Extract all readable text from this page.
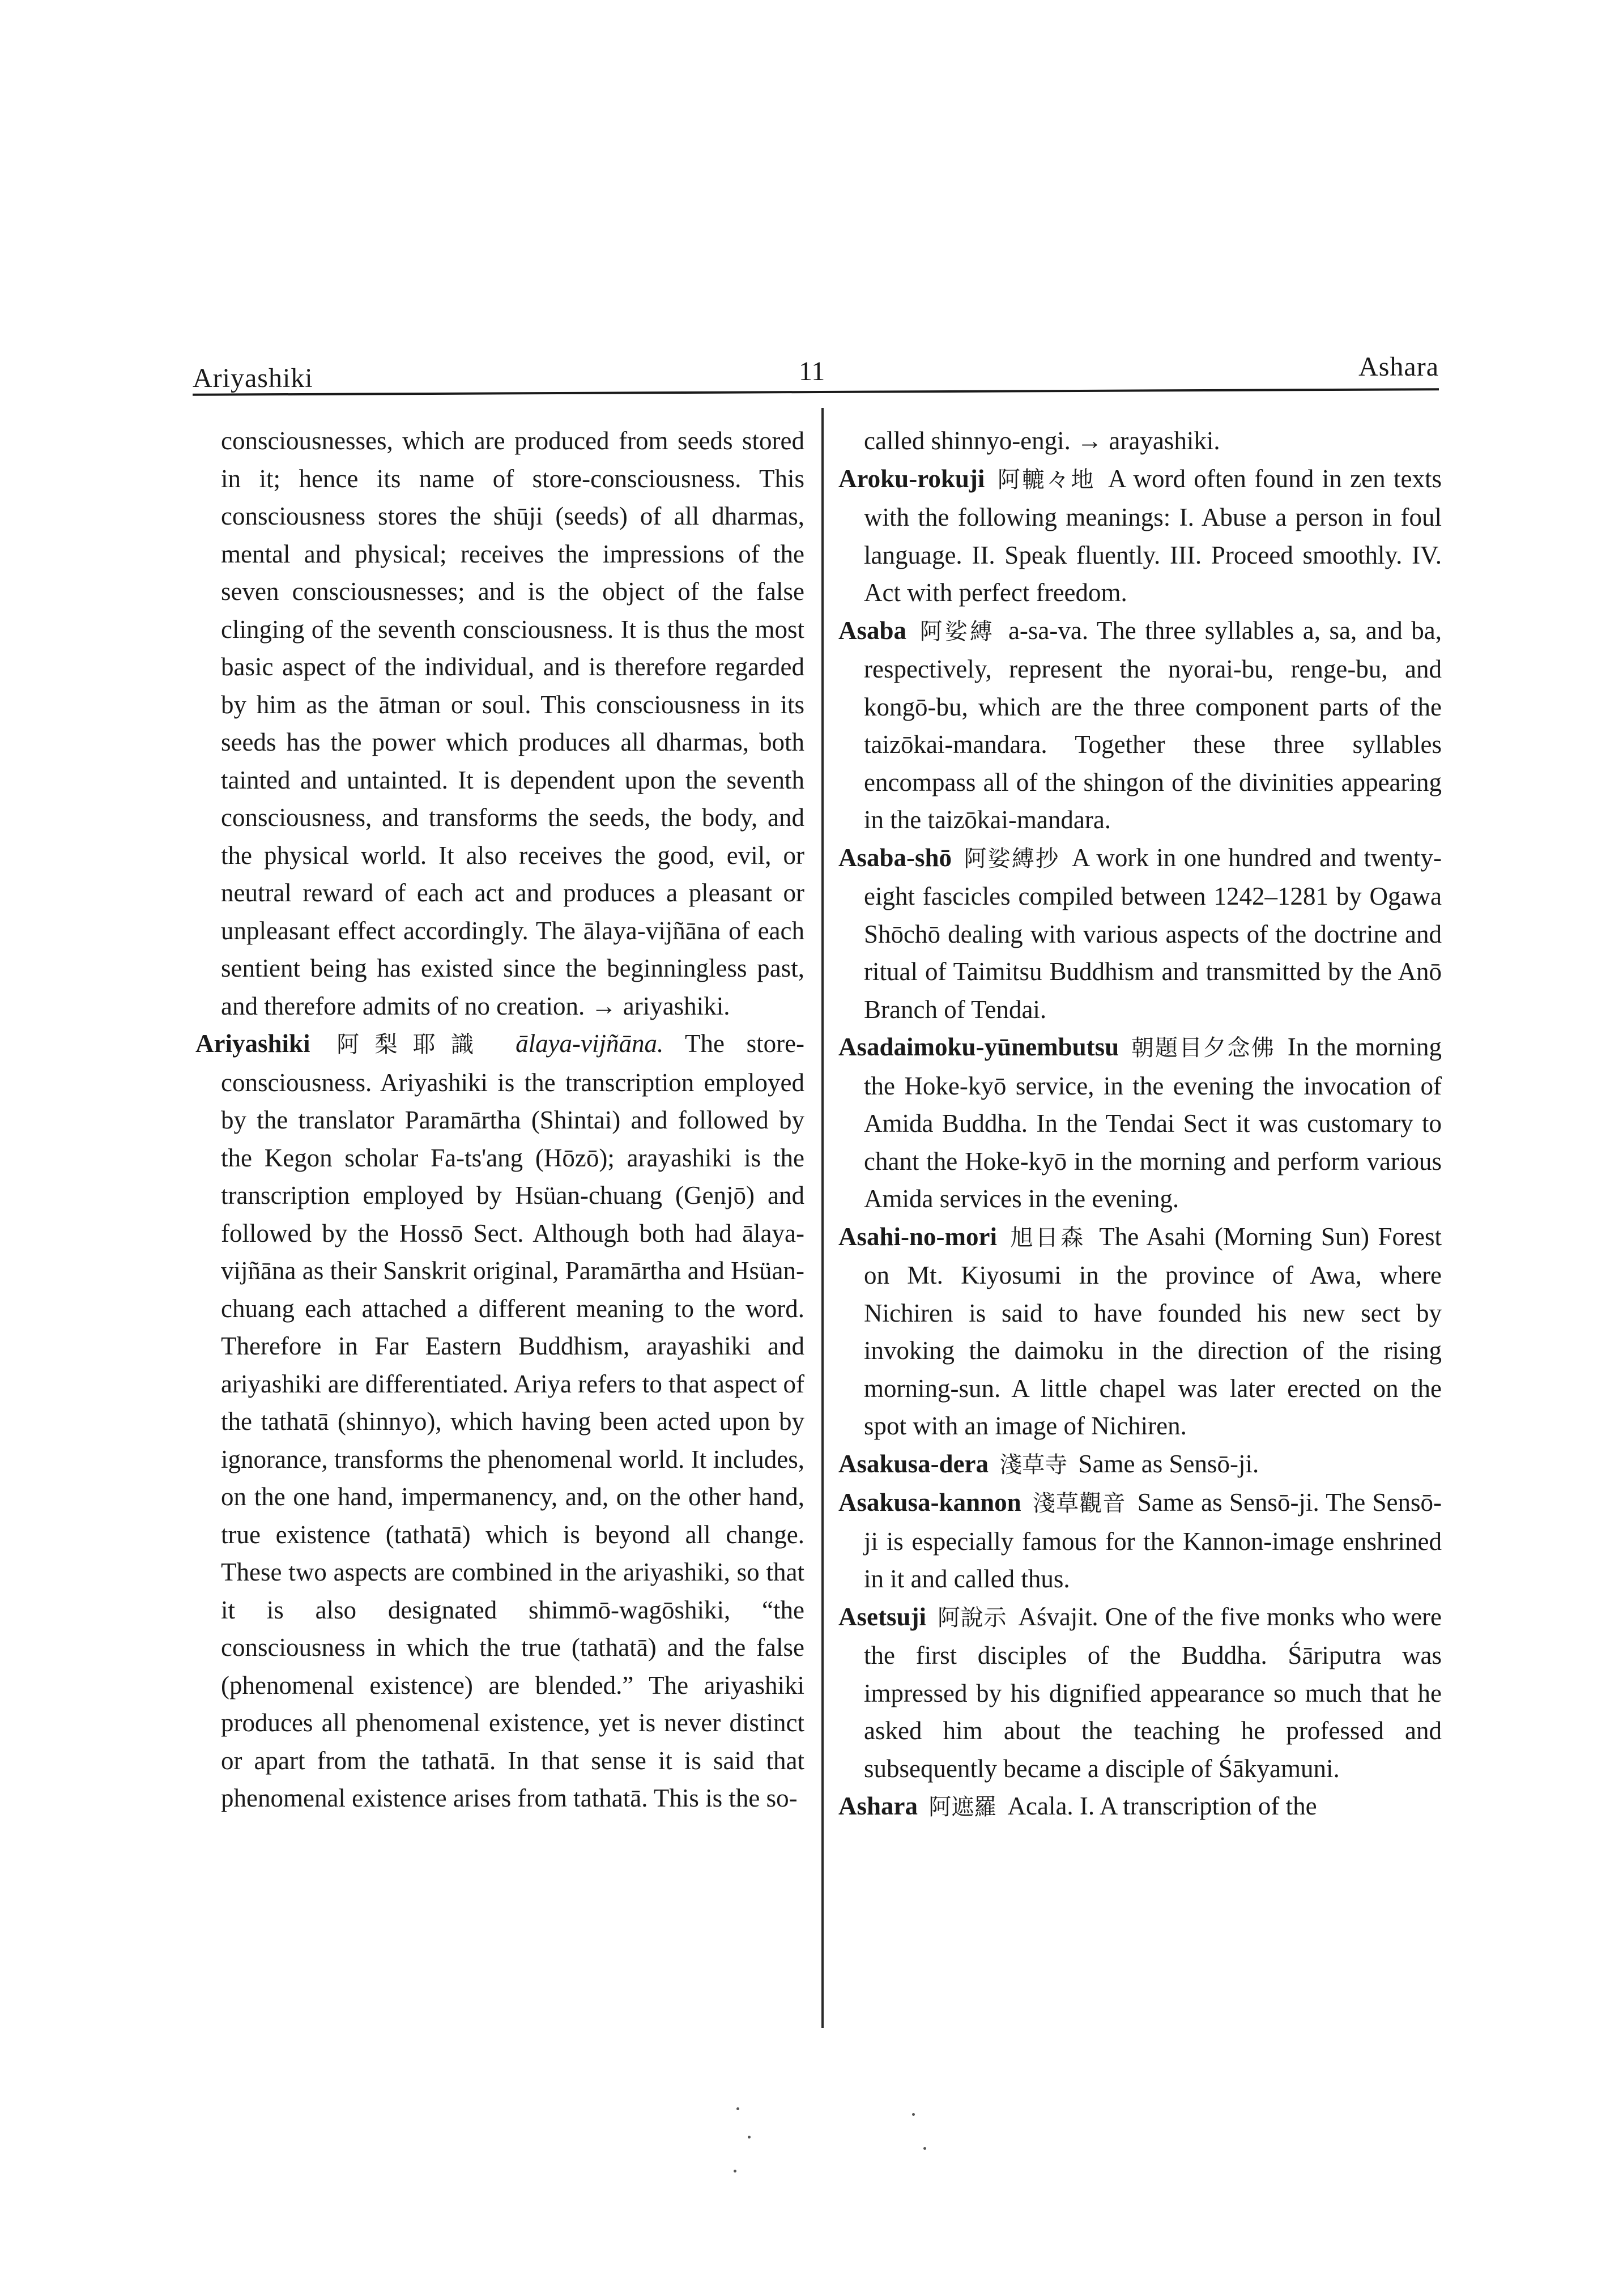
Ariyashiki	11	Ashara

consciousnesses, which are produced from seeds stored in it; hence its name of store-consciousness. This consciousness stores the shūji (seeds) of all dharmas, mental and physical; receives the impressions of the seven consciousnesses; and is the object of the false clinging of the seventh consciousness. It is thus the most basic aspect of the individual, and is therefore regarded by him as the ātman or soul. This consciousness in its seeds has the power which produces all dharmas, both tainted and untainted. It is dependent upon the seventh consciousness, and transforms the seeds, the body, and the physical world. It also receives the good, evil, or neutral reward of each act and produces a pleasant or unpleasant effect accordingly. The ālaya-vijñāna of each sentient being has existed since the beginningless past, and therefore admits of no creation. → ariyashiki.

Ariyashiki 阿梨耶識 ālaya-vijñāna. The store-consciousness. Ariyashiki is the transcription employed by the translator Paramārtha (Shintai) and followed by the Kegon scholar Fa-ts'ang (Hōzō); arayashiki is the transcription employed by Hsüan-chuang (Genjō) and followed by the Hossō Sect. Although both had ālaya-vijñāna as their Sanskrit original, Paramārtha and Hsüan-chuang each attached a different meaning to the word. Therefore in Far Eastern Buddhism, arayashiki and ariyashiki are differentiated. Ariya refers to that aspect of the tathatā (shinnyo), which having been acted upon by ignorance, transforms the phenomenal world. It includes, on the one hand, impermanency, and, on the other hand, true existence (tathatā) which is beyond all change. These two aspects are combined in the ariyashiki, so that it is also designated shimmō-wagōshiki, “the consciousness in which the true (tathatā) and the false (phenomenal existence) are blended.” The ariyashiki produces all phenomenal existence, yet is never distinct or apart from the tathatā. In that sense it is said that phenomenal existence arises from tathatā. This is the so-

called shinnyo-engi. → arayashiki.

Aroku-rokuji 阿轆々地 A word often found in zen texts with the following meanings: I. Abuse a person in foul language. II. Speak fluently. III. Proceed smoothly. IV. Act with perfect freedom.

Asaba 阿娑縛 a-sa-va. The three syllables a, sa, and ba, respectively, represent the nyorai-bu, renge-bu, and kongō-bu, which are the three component parts of the taizōkai-mandara. Together these three syllables encompass all of the shingon of the divinities appearing in the taizōkai-mandara.

Asaba-shō 阿娑縛抄 A work in one hundred and twenty-eight fascicles compiled between 1242–1281 by Ogawa Shōchō dealing with various aspects of the doctrine and ritual of Taimitsu Buddhism and transmitted by the Anō Branch of Tendai.

Asadaimoku-yūnembutsu 朝題目夕念佛 In the morning the Hoke-kyō service, in the evening the invocation of Amida Buddha. In the Tendai Sect it was customary to chant the Hoke-kyō in the morning and perform various Amida services in the evening.

Asahi-no-mori 旭日森 The Asahi (Morning Sun) Forest on Mt. Kiyosumi in the province of Awa, where Nichiren is said to have founded his new sect by invoking the daimoku in the direction of the rising morning-sun. A little chapel was later erected on the spot with an image of Nichiren.

Asakusa-dera 淺草寺 Same as Sensō-ji.

Asakusa-kannon 淺草觀音 Same as Sensō-ji. The Sensō-ji is especially famous for the Kannon-image enshrined in it and called thus.

Asetsuji 阿說示 Aśvajit. One of the five monks who were the first disciples of the Buddha. Śāriputra was impressed by his dignified appearance so much that he asked him about the teaching he professed and subsequently became a disciple of Śākyamuni.

Ashara 阿遮羅 Acala. I. A transcription of the
